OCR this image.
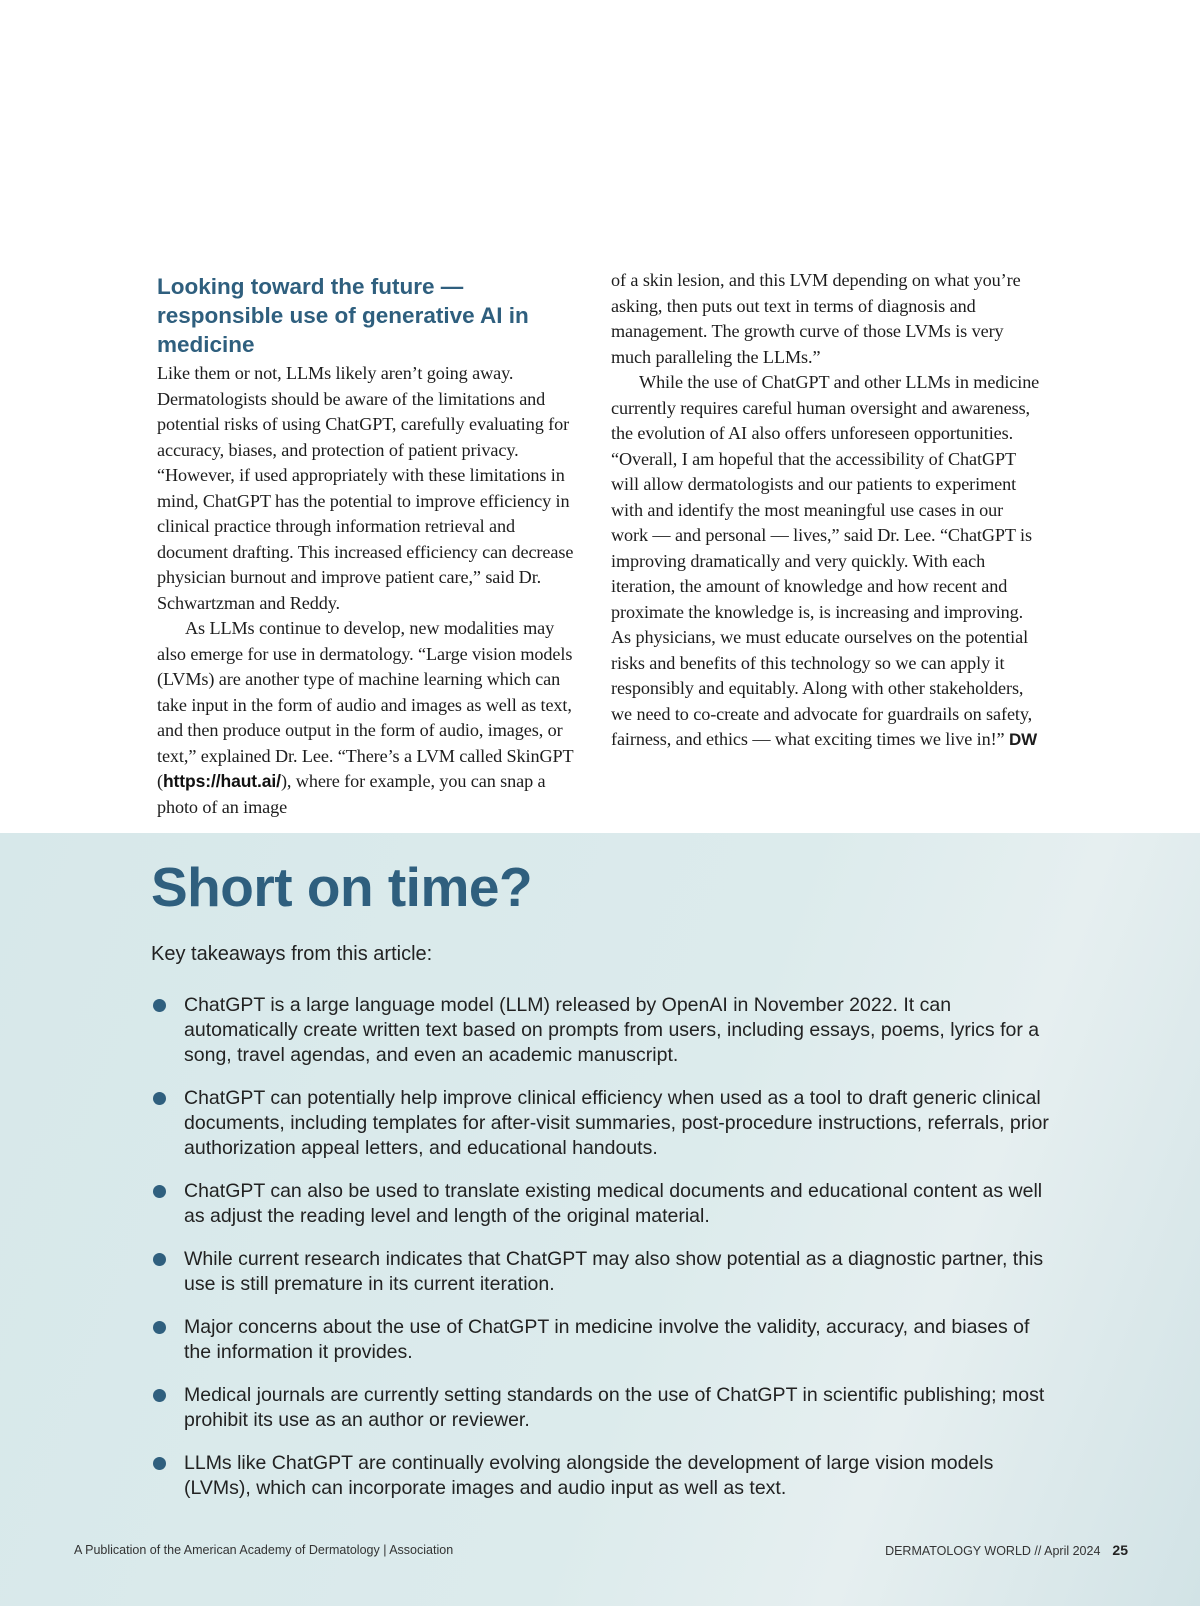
Looking toward the future — responsible use of generative AI in medicine

Like them or not, LLMs likely aren’t going away. Dermatologists should be aware of the limitations and potential risks of using ChatGPT, carefully evaluating for accuracy, biases, and protection of patient privacy. “However, if used appropriately with these limitations in mind, ChatGPT has the potential to improve efficiency in clinical practice through information retrieval and document drafting. This increased efficiency can decrease physician burnout and improve patient care,” said Dr. Schwartzman and Reddy.

As LLMs continue to develop, new modalities may also emerge for use in dermatology. “Large vision models (LVMs) are another type of machine learning which can take input in the form of audio and images as well as text, and then produce output in the form of audio, images, or text,” explained Dr. Lee. “There’s a LVM called SkinGPT (https://haut.ai/), where for example, you can snap a photo of an image

of a skin lesion, and this LVM depending on what you’re asking, then puts out text in terms of diagnosis and management. The growth curve of those LVMs is very much paralleling the LLMs.”

While the use of ChatGPT and other LLMs in medicine currently requires careful human oversight and awareness, the evolution of AI also offers unforeseen opportunities. “Overall, I am hopeful that the accessibility of ChatGPT will allow dermatologists and our patients to experiment with and identify the most meaningful use cases in our work — and personal — lives,” said Dr. Lee. “ChatGPT is improving dramatically and very quickly. With each iteration, the amount of knowledge and how recent and proximate the knowledge is, is increasing and improving. As physicians, we must educate ourselves on the potential risks and benefits of this technology so we can apply it responsibly and equitably. Along with other stakeholders, we need to co-create and advocate for guardrails on safety, fairness, and ethics — what exciting times we live in!” DW

Short on time?

Key takeaways from this article:

ChatGPT is a large language model (LLM) released by OpenAI in November 2022. It can automatically create written text based on prompts from users, including essays, poems, lyrics for a song, travel agendas, and even an academic manuscript.
ChatGPT can potentially help improve clinical efficiency when used as a tool to draft generic clinical documents, including templates for after-visit summaries, post-procedure instructions, referrals, prior authorization appeal letters, and educational handouts.
ChatGPT can also be used to translate existing medical documents and educational content as well as adjust the reading level and length of the original material.
While current research indicates that ChatGPT may also show potential as a diagnostic partner, this use is still premature in its current iteration.
Major concerns about the use of ChatGPT in medicine involve the validity, accuracy, and biases of the information it provides.
Medical journals are currently setting standards on the use of ChatGPT in scientific publishing; most prohibit its use as an author or reviewer.
LLMs like ChatGPT are continually evolving alongside the development of large vision models (LVMs), which can incorporate images and audio input as well as text.

A Publication of the American Academy of Dermatology | Association	DERMATOLOGY WORLD // April 2024 25
